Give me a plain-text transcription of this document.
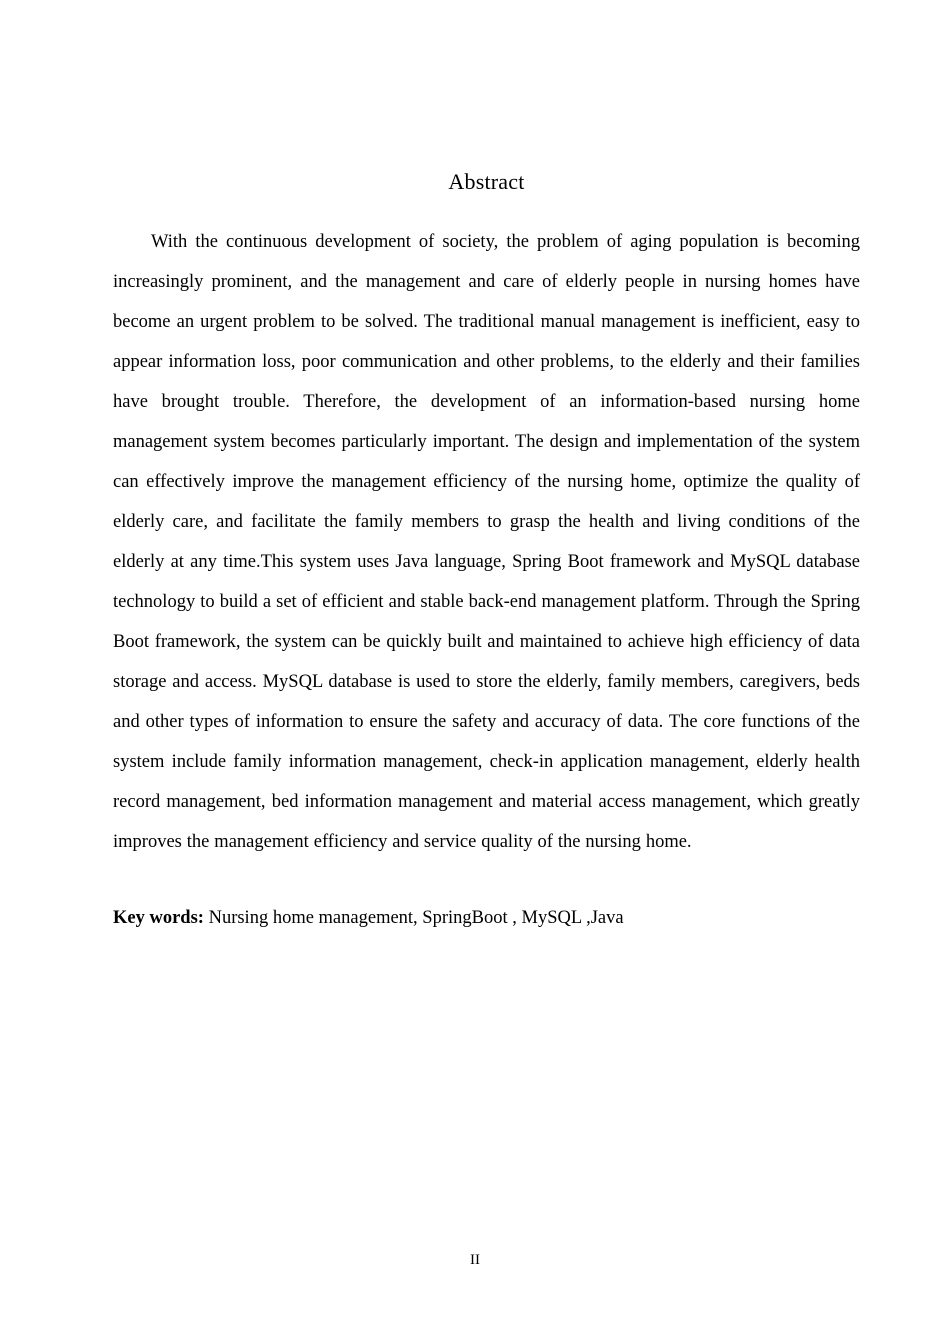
Abstract

With the continuous development of society, the problem of aging population is becoming increasingly prominent, and the management and care of elderly people in nursing homes have become an urgent problem to be solved. The traditional manual management is inefficient, easy to appear information loss, poor communication and other problems, to the elderly and their families have brought trouble. Therefore, the development of an information-based nursing home management system becomes particularly important. The design and implementation of the system can effectively improve the management efficiency of the nursing home, optimize the quality of elderly care, and facilitate the family members to grasp the health and living conditions of the elderly at any time.This system uses Java language, Spring Boot framework and MySQL database technology to build a set of efficient and stable back-end management platform. Through the Spring Boot framework, the system can be quickly built and maintained to achieve high efficiency of data storage and access. MySQL database is used to store the elderly, family members, caregivers, beds and other types of information to ensure the safety and accuracy of data. The core functions of the system include family information management, check-in application management, elderly health record management, bed information management and material access management, which greatly improves the management efficiency and service quality of the nursing home.

Key words: Nursing home management, SpringBoot , MySQL ,Java

II
